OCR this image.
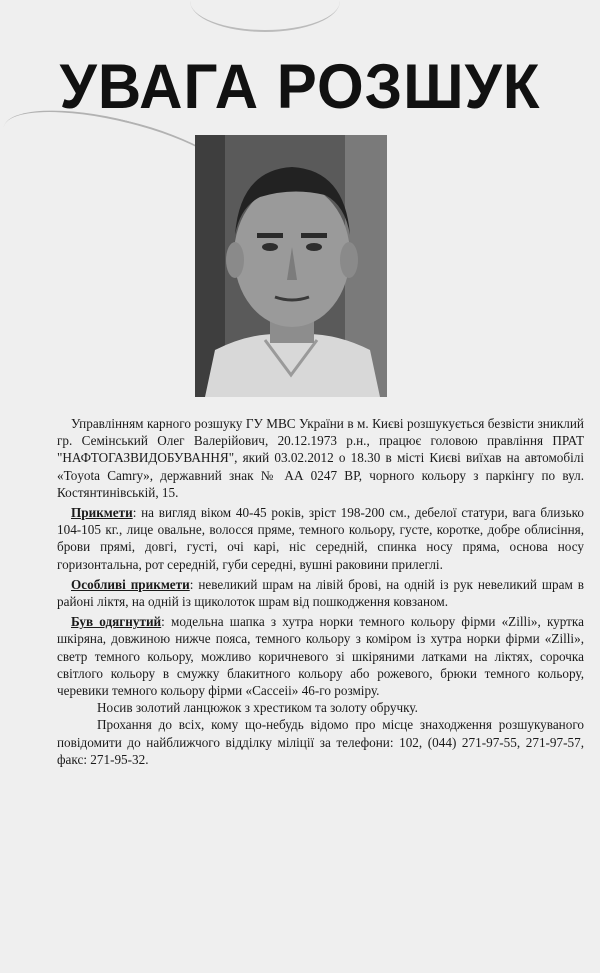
УВАГА РОЗШУК

Управлінням карного розшуку ГУ МВС України в м. Києві розшукується безвісти зниклий гр. Семінський Олег Валерійович, 20.12.1973 р.н., працює головою правління ПРАТ "НАФТОГАЗВИДОБУВАННЯ", який 03.02.2012 о 18.30 в місті Києві виїхав на автомобілі «Toyota Camry», державний знак № АА 0247 ВР, чорного кольору з паркінгу по вул. Костянтинівській, 15.

Прикмети: на вигляд віком 40-45 років, зріст 198-200 см., дебелої статури, вага близько 104-105 кг., лице овальне, волосся пряме, темного кольору, густе, коротке, добре облисіння, брови прямі, довгі, густі, очі карі, ніс середній, спинка носу пряма, основа носу горизонтальна, рот середній, губи середні, вушні раковини прилеглі.

Особливі прикмети: невеликий шрам на лівій брові, на одній із рук невеликий шрам в районі ліктя, на одній із щиколоток шрам від пошкодження ковзаном.

Був одягнутий: модельна шапка з хутра норки темного кольору фірми «Zilli», куртка шкіряна, довжиною нижче пояса, темного кольору з коміром із хутра норки фірми «Zilli», светр темного кольору, можливо коричневого зі шкіряними латками на ліктях, сорочка світлого кольору в смужку блакитного кольору або рожевого, брюки темного кольору, черевики темного кольору фірми «Сассеіі» 46-го розміру.

Носив золотий ланцюжок з хрестиком та золоту обручку.

Прохання до всіх, кому що-небудь відомо про місце знаходження розшукуваного повідомити до найближчого відділку міліції за телефони: 102, (044) 271-97-55, 271-97-57, факс: 271-95-32.
